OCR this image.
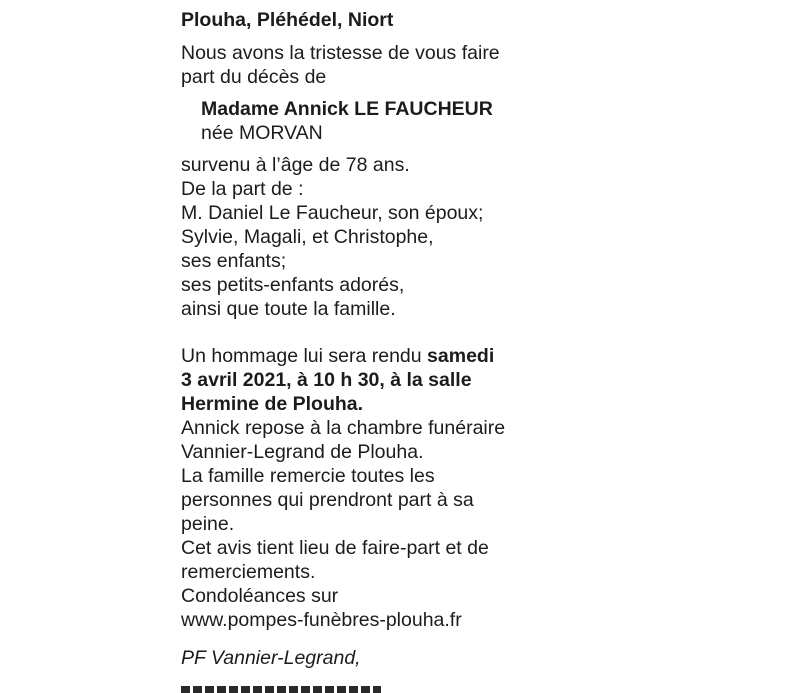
Plouha, Pléhédel, Niort
Nous avons la tristesse de vous faire
part du décès de
Madame Annick LE FAUCHEUR
née MORVAN
survenu à l’âge de 78 ans.
De la part de :
M. Daniel Le Faucheur, son époux;
Sylvie, Magali, et Christophe,
ses enfants;
ses petits-enfants adorés,
ainsi que toute la famille.
Un hommage lui sera rendu samedi
3 avril 2021, à 10 h 30, à la salle
Hermine de Plouha.
Annick repose à la chambre funéraire
Vannier-Legrand de Plouha.
La famille remercie toutes les
personnes qui prendront part à sa
peine.
Cet avis tient lieu de faire-part et de
remerciements.
Condoléances sur
www.pompes-funèbres-plouha.fr
PF Vannier-Legrand,
